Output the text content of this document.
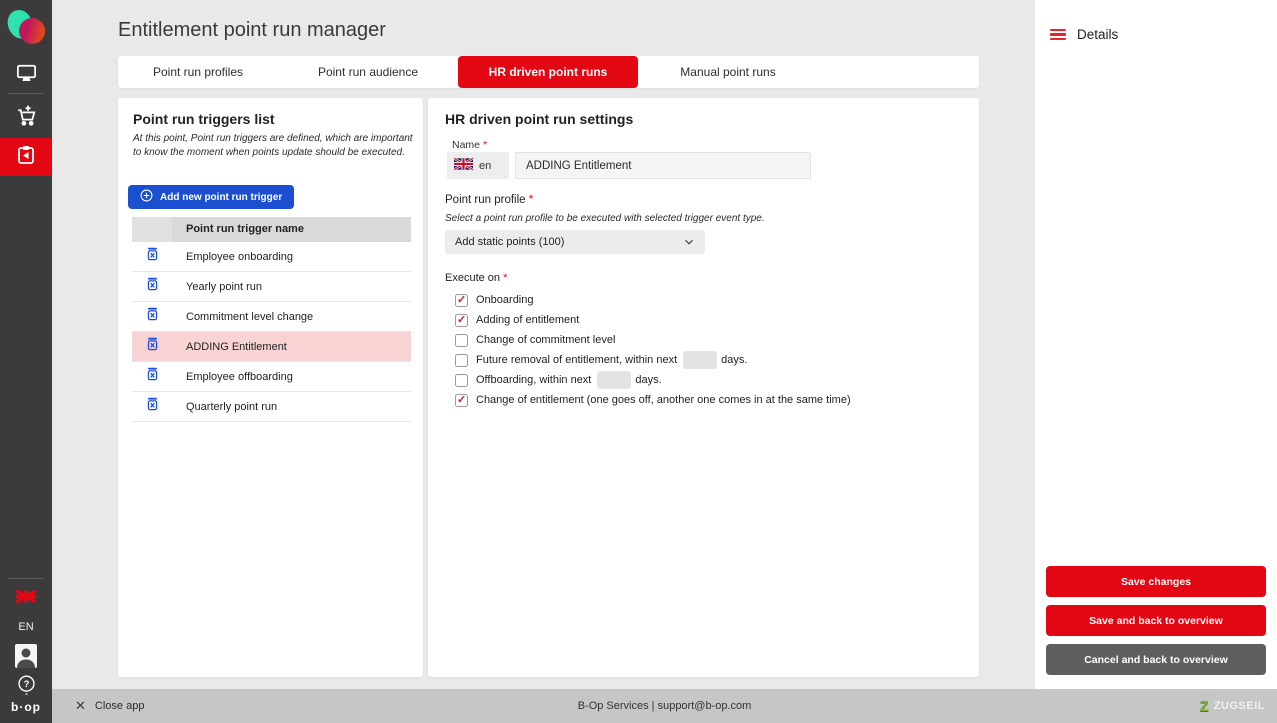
EN
?
b·op
Entitlement point run manager
Point run profiles	Point run audience	HR driven point runs	Manual point runs
Point run triggers list
At this point, Point run triggers are defined, which are important to know the moment when points update should be executed.
Add new point run trigger
Point run trigger name
Employee onboarding
Yearly point run
Commitment level change
ADDING Entitlement
Employee offboarding
Quarterly point run
HR driven point run settings
Name *
en
ADDING Entitlement
Point run profile *
Select a point run profile to be executed with selected trigger event type.
Add static points (100)
Execute on *
✓
Onboarding
✓
Adding of entitlement
Change of commitment level
Future removal of entitlement, within next	days.
Offboarding, within next	days.
✓
Change of entitlement (one goes off, another one comes in at the same time)
Details
Save changes
Save and back to overview
Cancel and back to overview
✕ Close app	B-Op Services | support@b-op.com	Z ZUGSEIL
